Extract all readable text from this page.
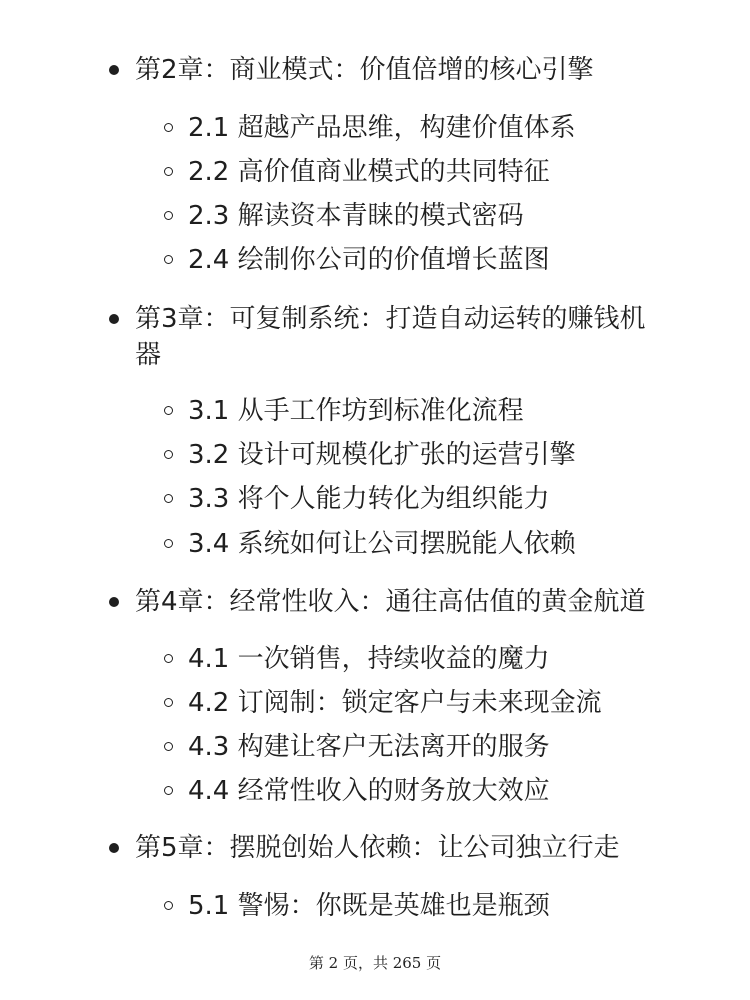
第2章：商业模式：价值倍增的核心引擎
2.1 超越产品思维，构建价值体系
2.2 高价值商业模式的共同特征
2.3 解读资本青睐的模式密码
2.4 绘制你公司的价值增长蓝图
第3章：可复制系统：打造自动运转的赚钱机器
3.1 从手工作坊到标准化流程
3.2 设计可规模化扩张的运营引擎
3.3 将个人能力转化为组织能力
3.4 系统如何让公司摆脱能人依赖
第4章：经常性收入：通往高估值的黄金航道
4.1 一次销售，持续收益的魔力
4.2 订阅制：锁定客户与未来现金流
4.3 构建让客户无法离开的服务
4.4 经常性收入的财务放大效应
第5章：摆脱创始人依赖：让公司独立行走
5.1 警惕：你既是英雄也是瓶颈
第 2 页，共 265 页
